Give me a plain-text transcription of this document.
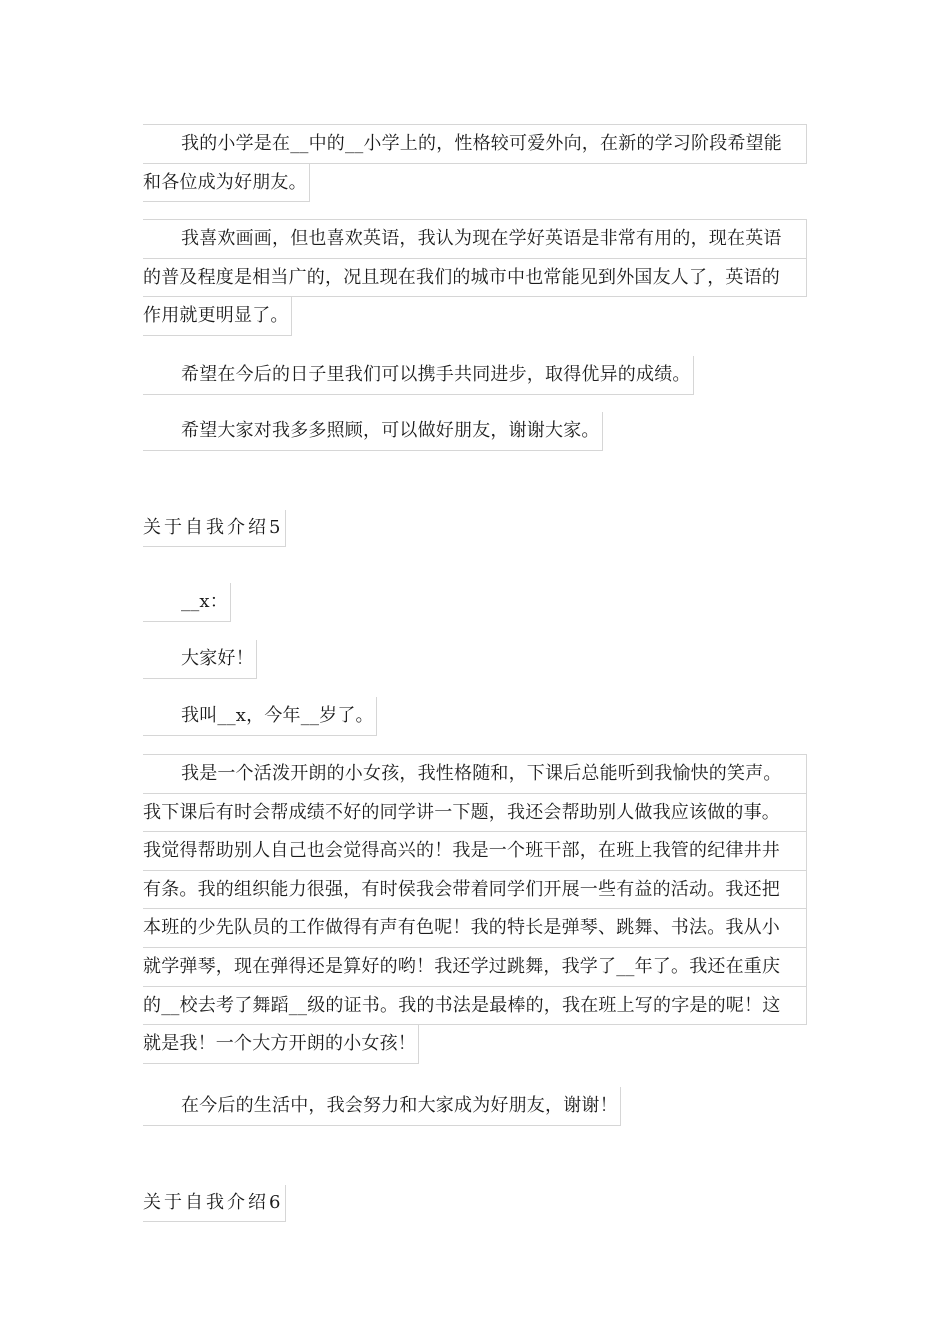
我的小学是在__中的__小学上的，性格较可爱外向，在新的学习阶段希望能
和各位成为好朋友。
我喜欢画画，但也喜欢英语，我认为现在学好英语是非常有用的，现在英语
的普及程度是相当广的，况且现在我们的城市中也常能见到外国友人了，英语的
作用就更明显了。
希望在今后的日子里我们可以携手共同进步，取得优异的成绩。
希望大家对我多多照顾，可以做好朋友，谢谢大家。
关于自我介绍5
__x：
大家好！
我叫__x，今年__岁了。
我是一个活泼开朗的小女孩，我性格随和，下课后总能听到我愉快的笑声。
我下课后有时会帮成绩不好的同学讲一下题，我还会帮助别人做我应该做的事。
我觉得帮助别人自己也会觉得高兴的！我是一个班干部，在班上我管的纪律井井
有条。我的组织能力很强，有时侯我会带着同学们开展一些有益的活动。我还把
本班的少先队员的工作做得有声有色呢！我的特长是弹琴、跳舞、书法。我从小
就学弹琴，现在弹得还是算好的哟！我还学过跳舞，我学了__年了。我还在重庆
的__校去考了舞蹈__级的证书。我的书法是最棒的，我在班上写的字是的呢！这
就是我！一个大方开朗的小女孩！
在今后的生活中，我会努力和大家成为好朋友，谢谢！
关于自我介绍6
